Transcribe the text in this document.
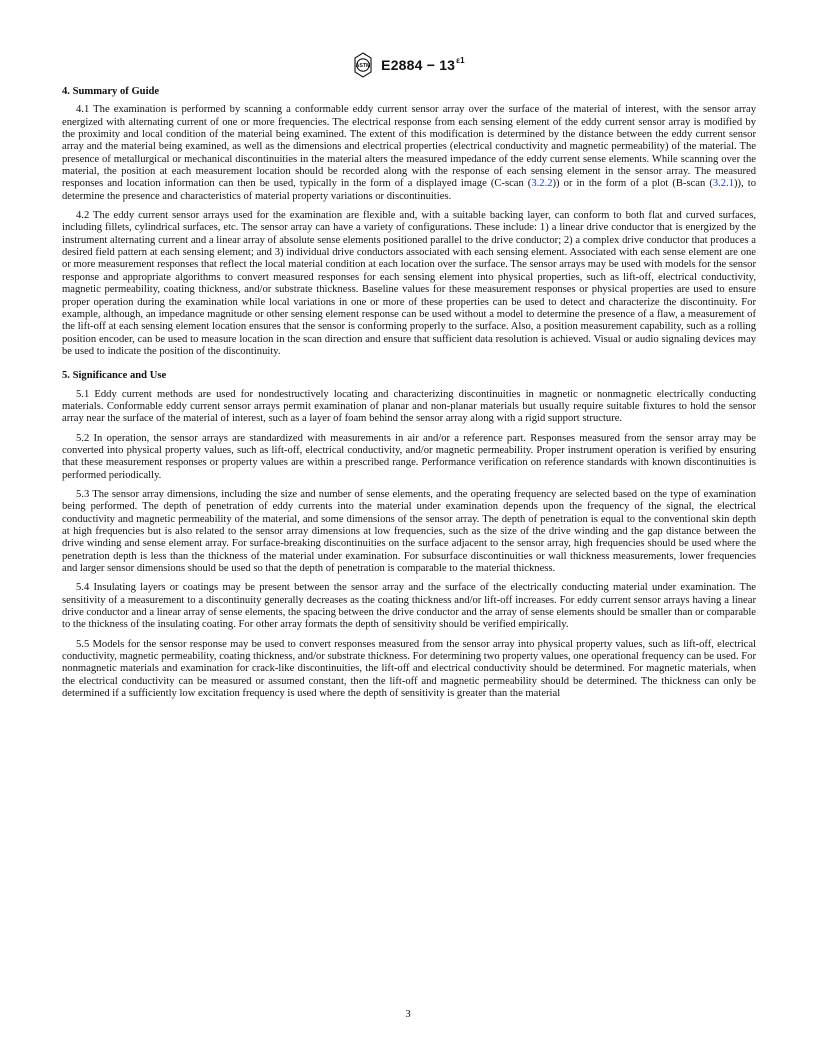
ASTM $E2884 - 13^{\varepsilon 1}$
4. Summary of Guide

4.1 The examination is performed by scanning a conformable eddy current sensor array over the surface of the material of interest, with the sensor array energized with alternating current of one or more frequencies. The electrical response from each sensing element of the eddy current sensor array is modified by the proximity and local condition of the material being examined. The extent of this modification is determined by the distance between the eddy current sensor array and the material being examined, as well as the dimensions and electrical properties (electrical conductivity and magnetic permeability) of the material. The presence of metallurgical or mechanical discontinuities in the material alters the measured impedance of the eddy current sense elements. While scanning over the material, the position at each measurement location should be recorded along with the response of each sensing element in the sensor array. The measured responses and location information can then be used, typically in the form of a displayed image (C-scan (3.2.2)) or in the form of a plot (B-scan (3.2.1)), to determine the presence and characteristics of material property variations or discontinuities.

4.2 The eddy current sensor arrays used for the examination are flexible and, with a suitable backing layer, can conform to both flat and curved surfaces, including fillets, cylindrical surfaces, etc. The sensor array can have a variety of configurations. These include: 1) a linear drive conductor that is energized by the instrument alternating current and a linear array of absolute sense elements positioned parallel to the drive conductor; 2) a complex drive conductor that produces a desired field pattern at each sensing element; and 3) individual drive conductors associated with each sensing element. Associated with each sense element are one or more measurement responses that reflect the local material condition at each location over the surface. The sensor arrays may be used with models for the sensor response and appropriate algorithms to convert measured responses for each sensing element into physical properties, such as lift-off, electrical conductivity, magnetic permeability, coating thickness, and/or substrate thickness. Baseline values for these measurement responses or physical properties are used to ensure proper operation during the examination while local variations in one or more of these properties can be used to detect and characterize the discontinuity. For example, although, an impedance magnitude or other sensing element response can be used without a model to determine the presence of a flaw, a measurement of the lift-off at each sensing element location ensures that the sensor is conforming properly to the surface. Also, a position measurement capability, such as a rolling position encoder, can be used to measure location in the scan direction and ensure that sufficient data resolution is achieved. Visual or audio signaling devices may be used to indicate the position of the discontinuity.

5. Significance and Use

5.1 Eddy current methods are used for nondestructively locating and characterizing discontinuities in magnetic or nonmagnetic electrically conducting materials. Conformable eddy current sensor arrays permit examination of planar and non-planar materials but usually require suitable fixtures to hold the sensor array near the surface of the material of interest, such as a layer of foam behind the sensor array along with a rigid support structure.

5.2 In operation, the sensor arrays are standardized with measurements in air and/or a reference part. Responses measured from the sensor array may be converted into physical property values, such as lift-off, electrical conductivity, and/or magnetic permeability. Proper instrument operation is verified by ensuring that these measurement responses or property values are within a prescribed range. Performance verification on reference standards with known discontinuities is performed periodically.

5.3 The sensor array dimensions, including the size and number of sense elements, and the operating frequency are selected based on the type of examination being performed. The depth of penetration of eddy currents into the material under examination depends upon the frequency of the signal, the electrical conductivity and magnetic permeability of the material, and some dimensions of the sensor array. The depth of penetration is equal to the conventional skin depth at high frequencies but is also related to the sensor array dimensions at low frequencies, such as the size of the drive winding and the gap distance between the drive winding and sense element array. For surface-breaking discontinuities on the surface adjacent to the sensor array, high frequencies should be used where the penetration depth is less than the thickness of the material under examination. For subsurface discontinuities or wall thickness measurements, lower frequencies and larger sensor dimensions should be used so that the depth of penetration is comparable to the material thickness.

5.4 Insulating layers or coatings may be present between the sensor array and the surface of the electrically conducting material under examination. The sensitivity of a measurement to a discontinuity generally decreases as the coating thickness and/or lift-off increases. For eddy current sensor arrays having a linear drive conductor and a linear array of sense elements, the spacing between the drive conductor and the array of sense elements should be smaller than or comparable to the thickness of the insulating coating. For other array formats the depth of sensitivity should be verified empirically.

5.5 Models for the sensor response may be used to convert responses measured from the sensor array into physical property values, such as lift-off, electrical conductivity, magnetic permeability, coating thickness, and/or substrate thickness. For determining two property values, one operational frequency can be used. For nonmagnetic materials and examination for crack-like discontinuities, the lift-off and electrical conductivity should be determined. For magnetic materials, when the electrical conductivity can be measured or assumed constant, then the lift-off and magnetic permeability should be determined. The thickness can only be determined if a sufficiently low excitation frequency is used where the depth of sensitivity is greater than the material

3
